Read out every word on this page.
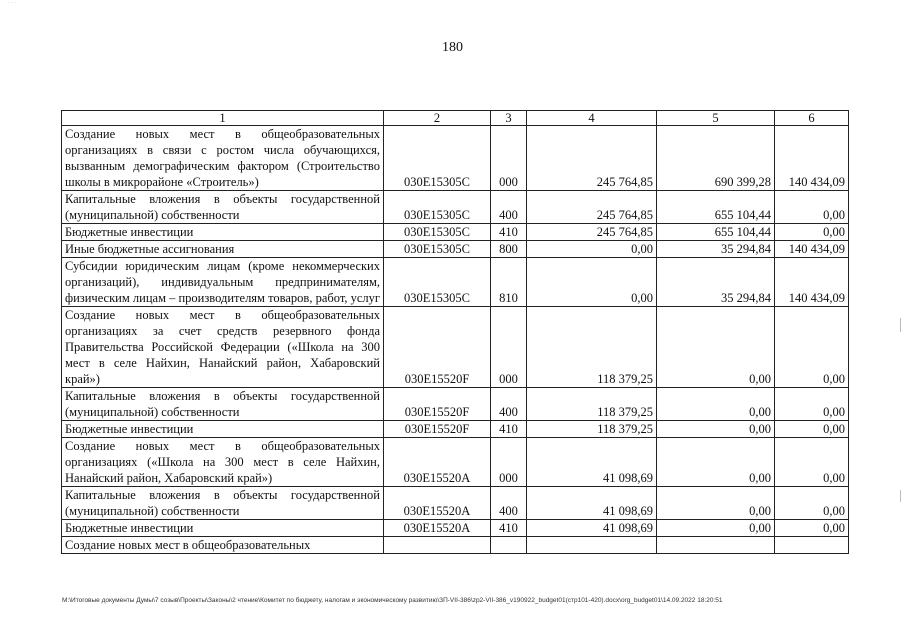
· · ·
180
1	2	3	4	5	6
Создание новых мест в общеобразовательных организациях в связи с ростом числа обучающихся, вызванным демографическим фактором (Строительство школы в микрорайоне «Строитель»)	030Е15305С	000	245 764,85	690 399,28	140 434,09
Капитальные вложения в объекты государственной (муниципальной) собственности	030Е15305С	400	245 764,85	655 104,44	0,00
Бюджетные инвестиции	030Е15305С	410	245 764,85	655 104,44	0,00
Иные бюджетные ассигнования	030Е15305С	800	0,00	35 294,84	140 434,09
Субсидии юридическим лицам (кроме некоммерческих организаций), индивидуальным предпринимателям, физическим лицам – производителям товаров, работ, услуг	030Е15305С	810	0,00	35 294,84	140 434,09
Создание новых мест в общеобразовательных организациях за счет средств резервного фонда Правительства Российской Федерации («Школа на 300 мест в селе Найхин, Нанайский район, Хабаровский край»)	030Е15520F	000	118 379,25	0,00	0,00
Капитальные вложения в объекты государственной (муниципальной) собственности	030Е15520F	400	118 379,25	0,00	0,00
Бюджетные инвестиции	030Е15520F	410	118 379,25	0,00	0,00
Создание новых мест в общеобразовательных организациях («Школа на 300 мест в селе Найхин, Нанайский район, Хабаровский край»)	030Е15520А	000	41 098,69	0,00	0,00
Капитальные вложения в объекты государственной (муниципальной) собственности	030Е15520А	400	41 098,69	0,00	0,00
Бюджетные инвестиции	030Е15520А	410	41 098,69	0,00	0,00
Создание новых мест в общеобразовательных					
M:\Итоговые документы Думы\7 созыв\Проекты\Законы\2 чтение\Комитет по бюджету, налогам и экономическому развитию\ЗП-VII-386\zp2-VII-386_v190922_budget01(стр101-420).docx\org_budget01\14.09.2022 18:20:51
